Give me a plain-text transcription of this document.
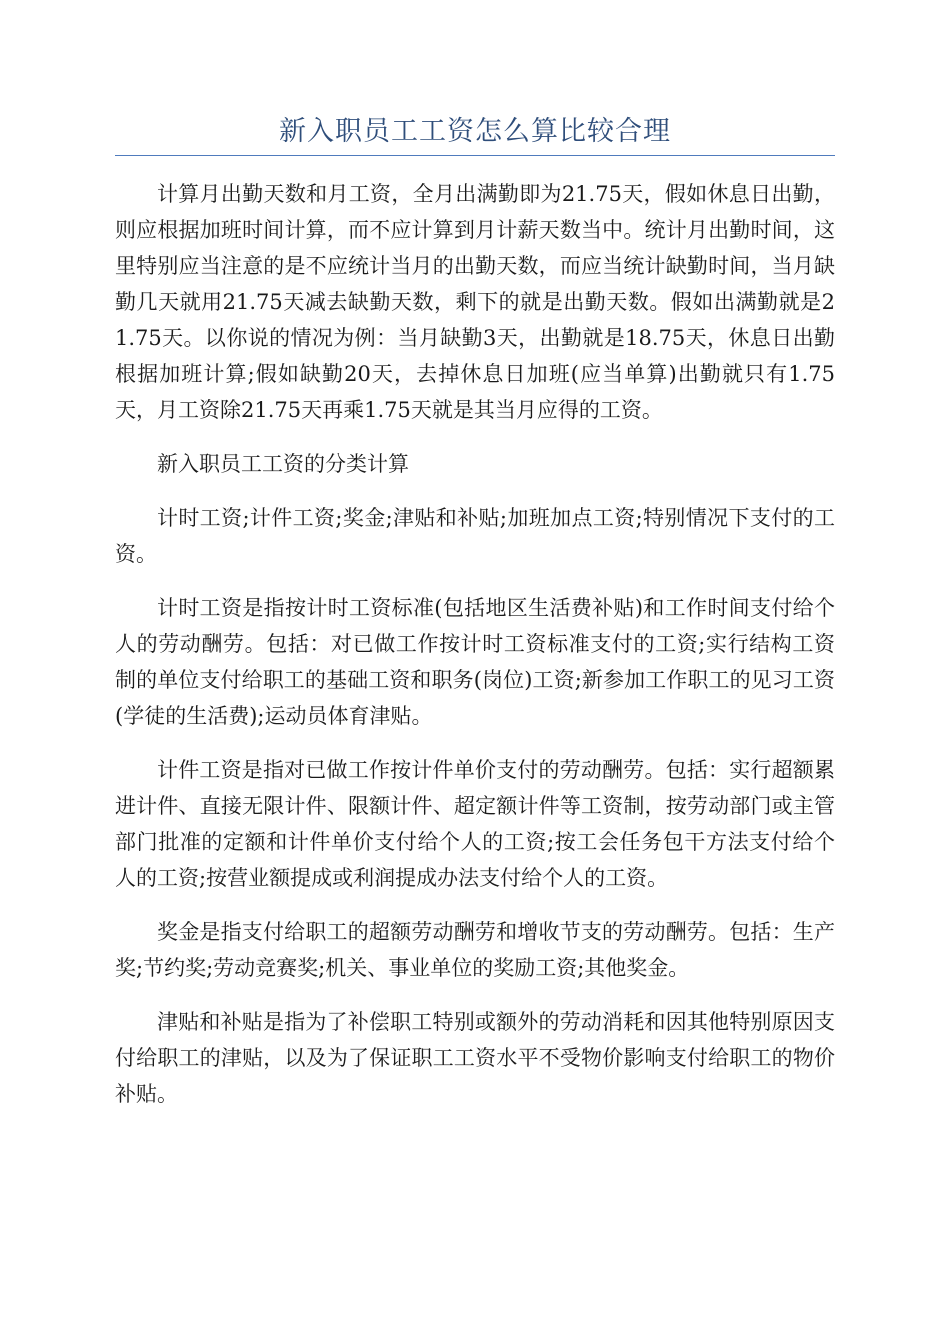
新入职员工工资怎么算比较合理

计算月出勤天数和月工资，全月出满勤即为21.75天，假如休息日出勤，则应根据加班时间计算，而不应计算到月计薪天数当中。统计月出勤时间，这里特别应当注意的是不应统计当月的出勤天数，而应当统计缺勤时间，当月缺勤几天就用21.75天减去缺勤天数，剩下的就是出勤天数。假如出满勤就是21.75天。以你说的情况为例：当月缺勤3天，出勤就是18.75天，休息日出勤根据加班计算;假如缺勤20天，去掉休息日加班(应当单算)出勤就只有1.75天，月工资除21.75天再乘1.75天就是其当月应得的工资。

新入职员工工资的分类计算

计时工资;计件工资;奖金;津贴和补贴;加班加点工资;特别情况下支付的工资。

计时工资是指按计时工资标准(包括地区生活费补贴)和工作时间支付给个人的劳动酬劳。包括：对已做工作按计时工资标准支付的工资;实行结构工资制的单位支付给职工的基础工资和职务(岗位)工资;新参加工作职工的见习工资(学徒的生活费);运动员体育津贴。

计件工资是指对已做工作按计件单价支付的劳动酬劳。包括：实行超额累进计件、直接无限计件、限额计件、超定额计件等工资制，按劳动部门或主管部门批准的定额和计件单价支付给个人的工资;按工会任务包干方法支付给个人的工资;按营业额提成或利润提成办法支付给个人的工资。

奖金是指支付给职工的超额劳动酬劳和增收节支的劳动酬劳。包括：生产奖;节约奖;劳动竞赛奖;机关、事业单位的奖励工资;其他奖金。

津贴和补贴是指为了补偿职工特别或额外的劳动消耗和因其他特别原因支付给职工的津贴，以及为了保证职工工资水平不受物价影响支付给职工的物价补贴。
